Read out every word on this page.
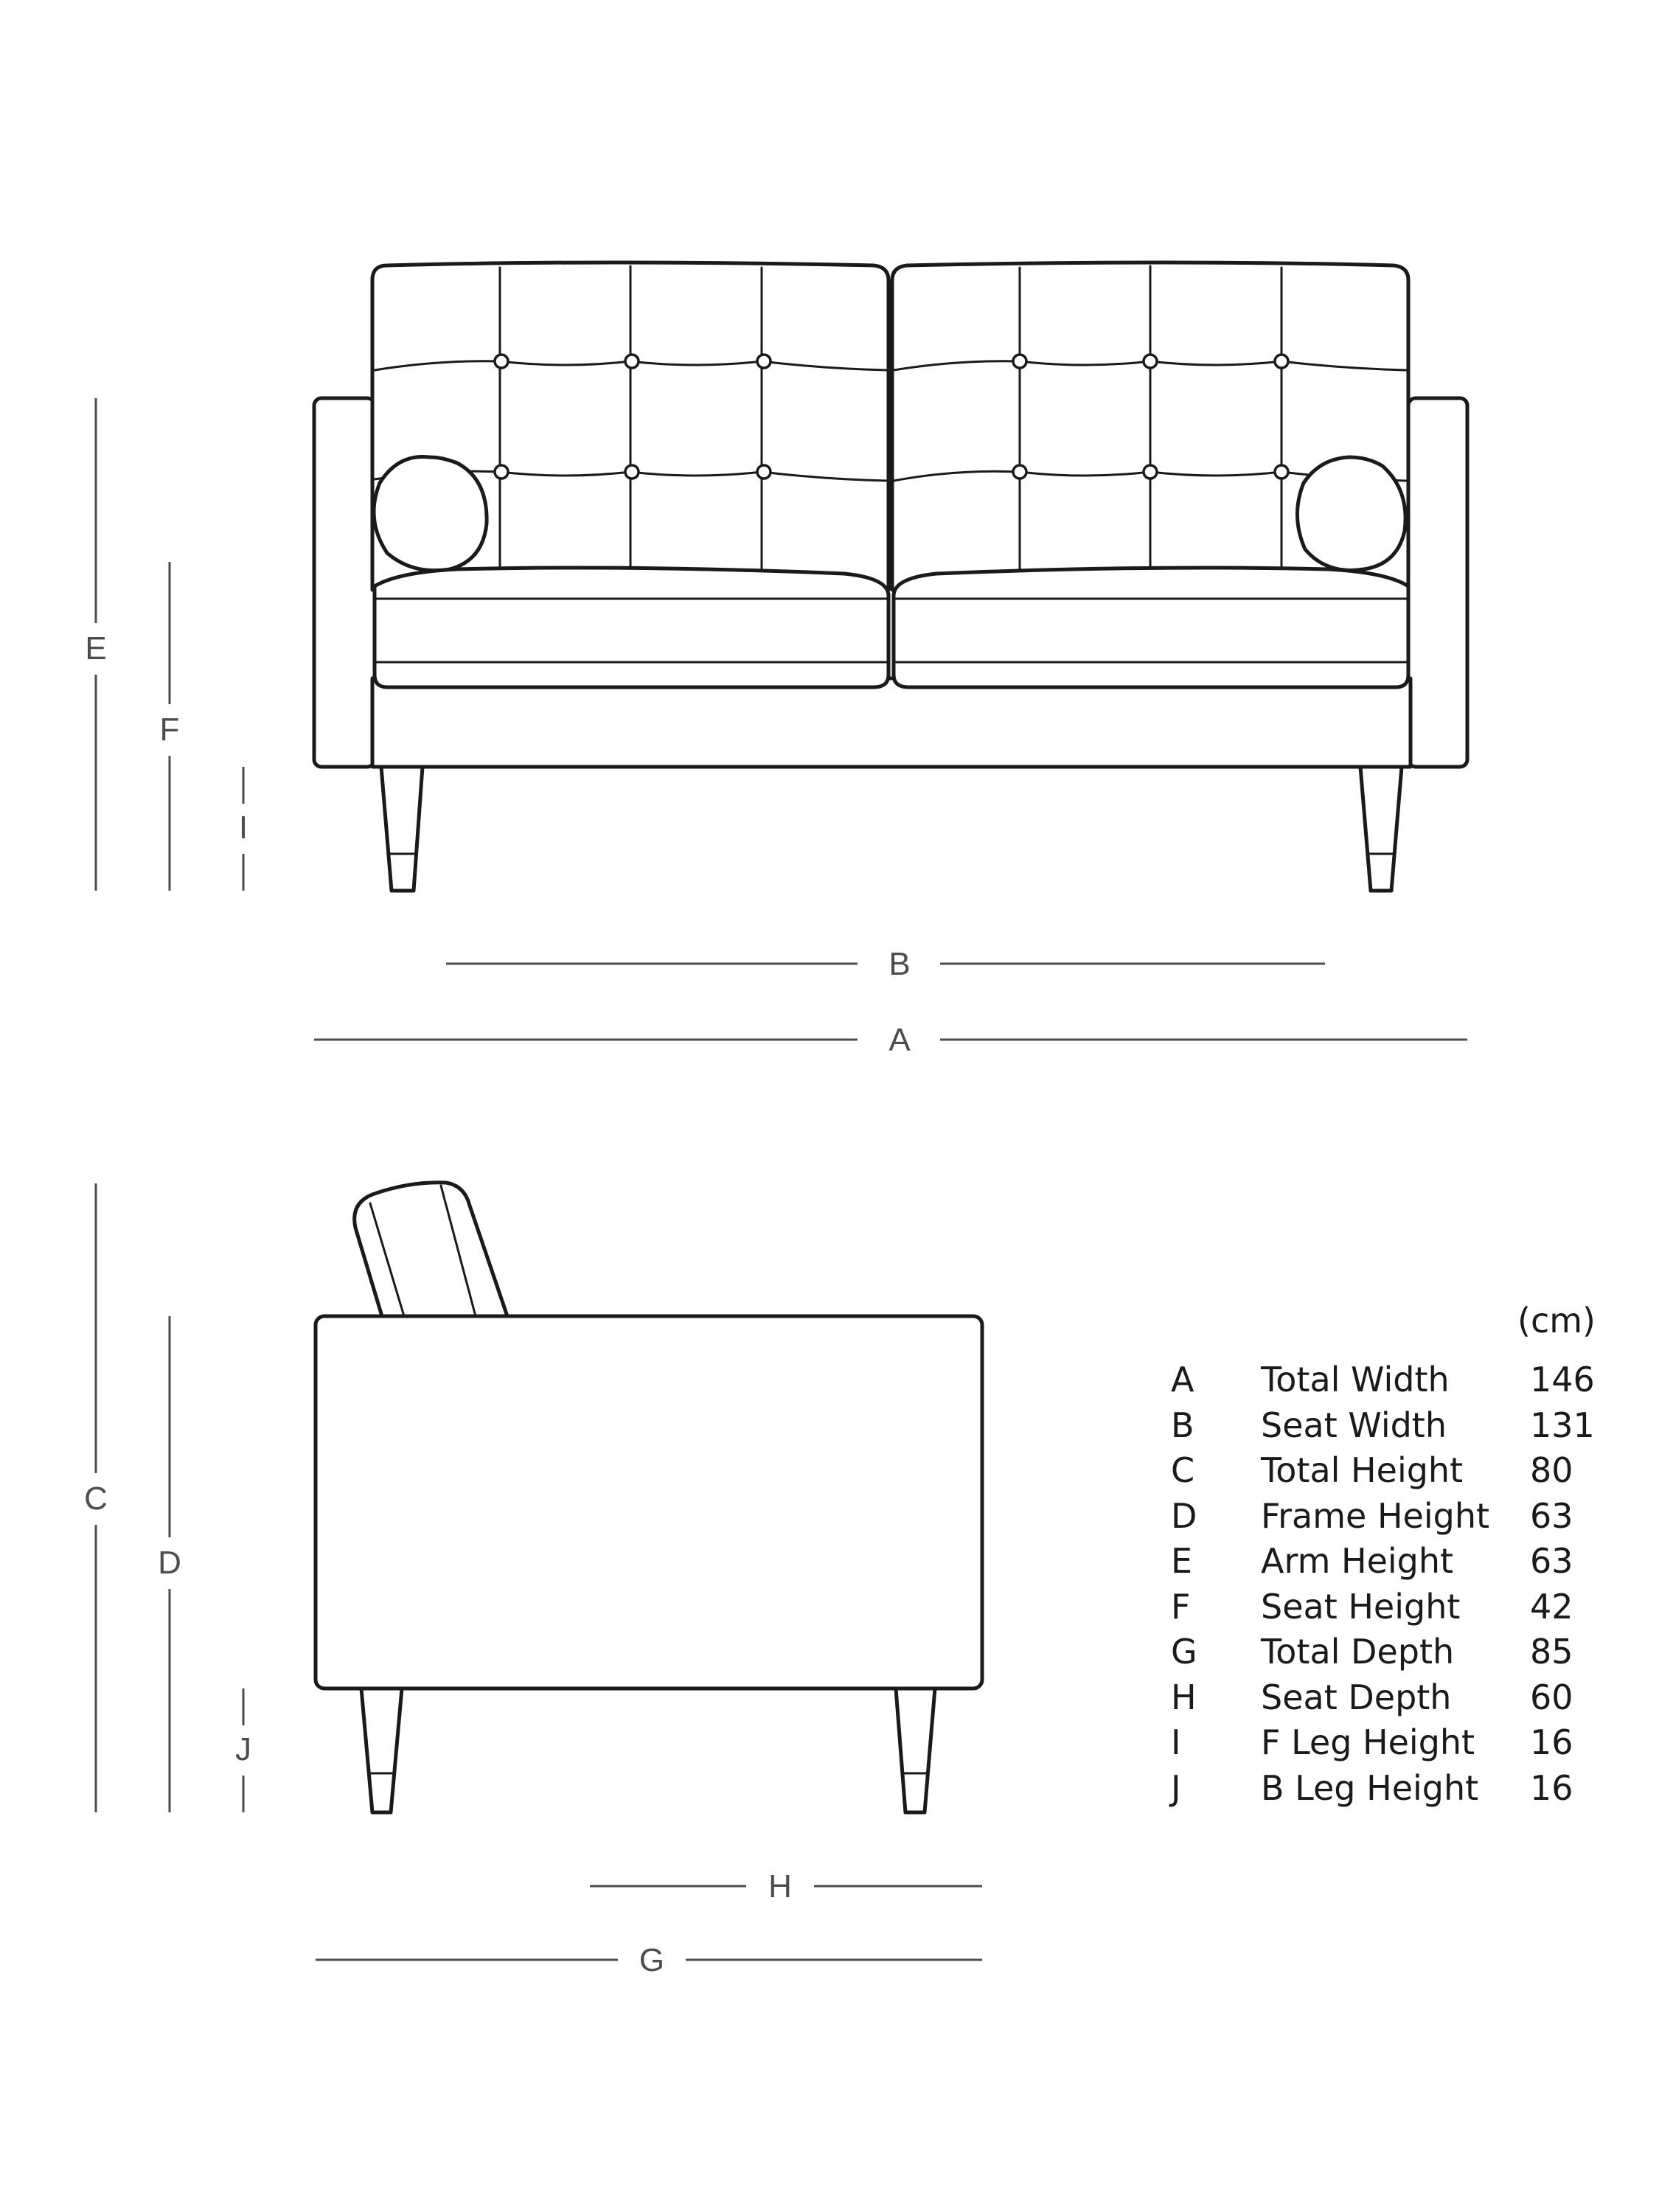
E
F
I
B
A
C
D
J
H
G
(cm)
A Total Width 146
B Seat Width 131
C Total Height 80
D Frame Height 63
E Arm Height 63
F Seat Height 42
G Total Depth 85
H Seat Depth 60
I F Leg Height 16
J B Leg Height 16
